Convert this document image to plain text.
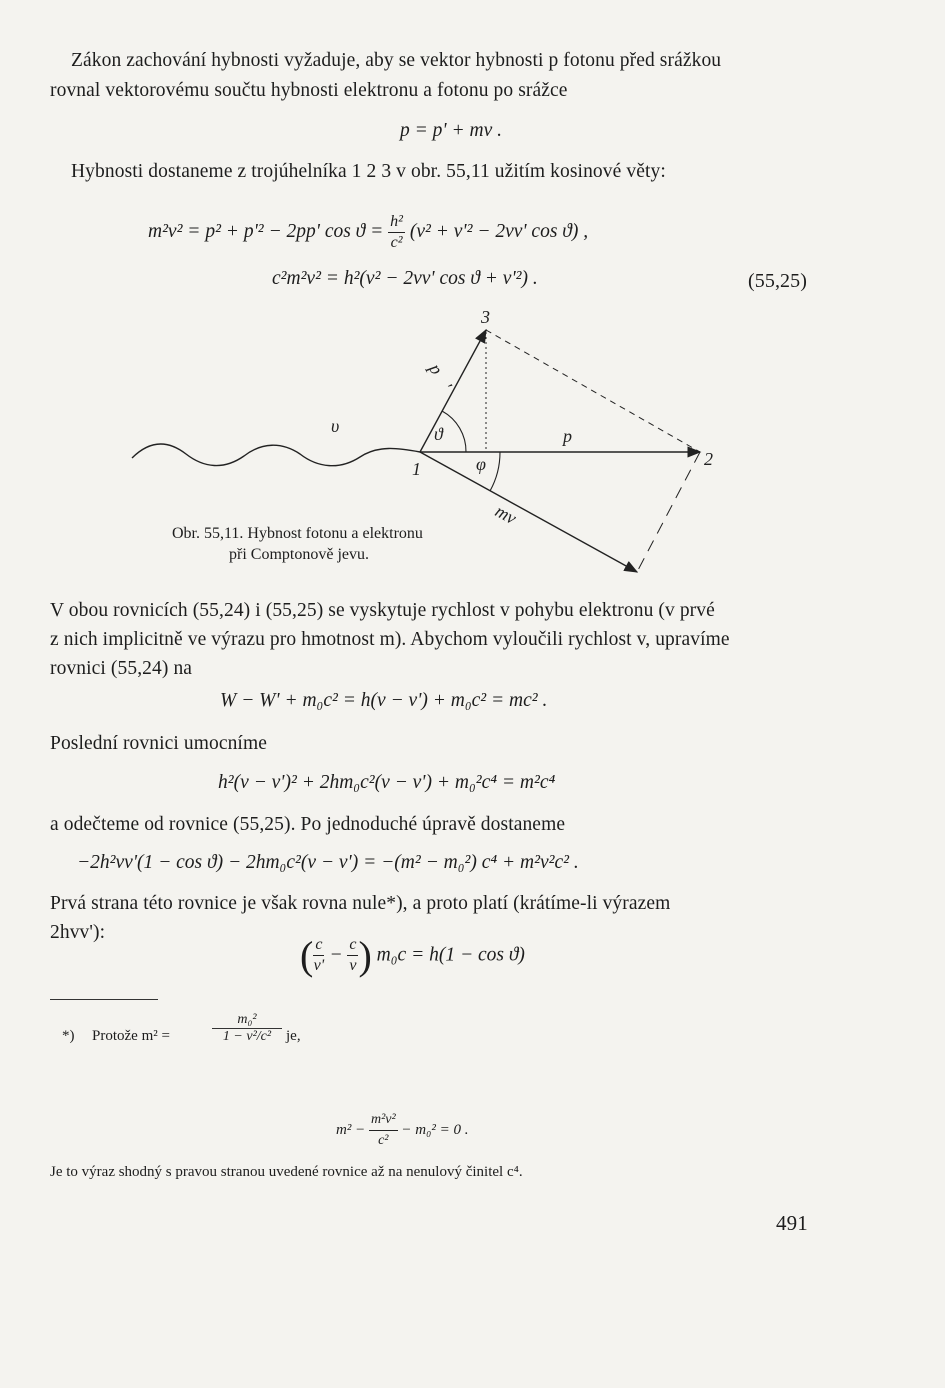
Zákon zachování hybnosti vyžaduje, aby se vektor hybnosti p fotonu před srážkou
rovnal vektorovému součtu hybnosti elektronu a fotonu po srážce
p = p' + mv .
Hybnosti dostaneme z trojúhelníka 1 2 3 v obr. 55,11 užitím kosinové věty:
m²v² = p² + p'² − 2pp' $\cos ϑ = \frac{\text{h²}}{\text{c²}} (v^2 + v'^2 - 2vv'$ cos ϑ) ,
c²m²v² = h²(v² − 2vv' cos ϑ + v'²) .	(55,25)
3
2
1
υ	ϑ
φ
p⃗
p⃗'
mv⃗
Obr. 55,11. Hybnost fotonu a elektronu
při Comptonově jevu.
V obou rovnicích (55,24) i (55,25) se vyskytuje rychlost v pohybu elektronu (v prvé
z nich implicitně ve výrazu pro hmotnost m). Abychom vyloučili rychlost v, upravíme
rovnici (55,24) na
W − W' + m₀c² = h(v − v') + m₀c² = mc² .
Poslední rovnici umocníme
h²(v − v')² + 2hm₀c²(v − v') + m₀²c⁴ = m²c⁴
a odečteme od rovnice (55,25). Po jednoduché úpravě dostaneme
−2h²vv'(1 − cos ϑ) − 2hm₀c²(v − v') = −(m² − m₀²) c⁴ + m²v²c² .
Prvá strana této rovnice je však rovna nule*), a proto platí (krátíme-li výrazem
2hvv'):
( $\frac{c}{v'} - \frac{c}{v}$ ) m₀c = h(1 − cos ϑ)
*) Protože m² =	$\frac{\text{m₀²}}{\text{1 − v²/c²}}$ je,
$m^2 - \frac{\text{m²v²}}{\text{c²}} - m_0^2 = 0$ .
Je to výraz shodný s pravou stranou uvedené rovnice až na nenulový činitel c⁴.
491
